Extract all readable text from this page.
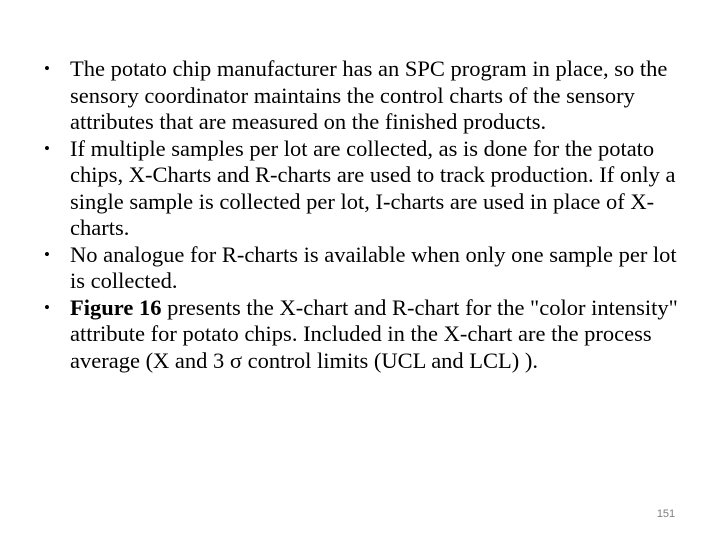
• The potato chip manufacturer has an SPC program in place, so the sensory coordinator maintains the control charts of the sensory attributes that are measured on the finished products.
• If multiple samples per lot are collected, as is done for the potato chips, X-Charts and R-charts are used to track production. If only a single sample is collected per lot, I-charts are used in place of X-charts.
• No analogue for R-charts is available when only one sample per lot is collected.
• Figure 16 presents the X-chart and R-chart for the "color intensity" attribute for potato chips. Included in the X-chart are the process average (X and 3 σ control limits (UCL and LCL) ).
151
